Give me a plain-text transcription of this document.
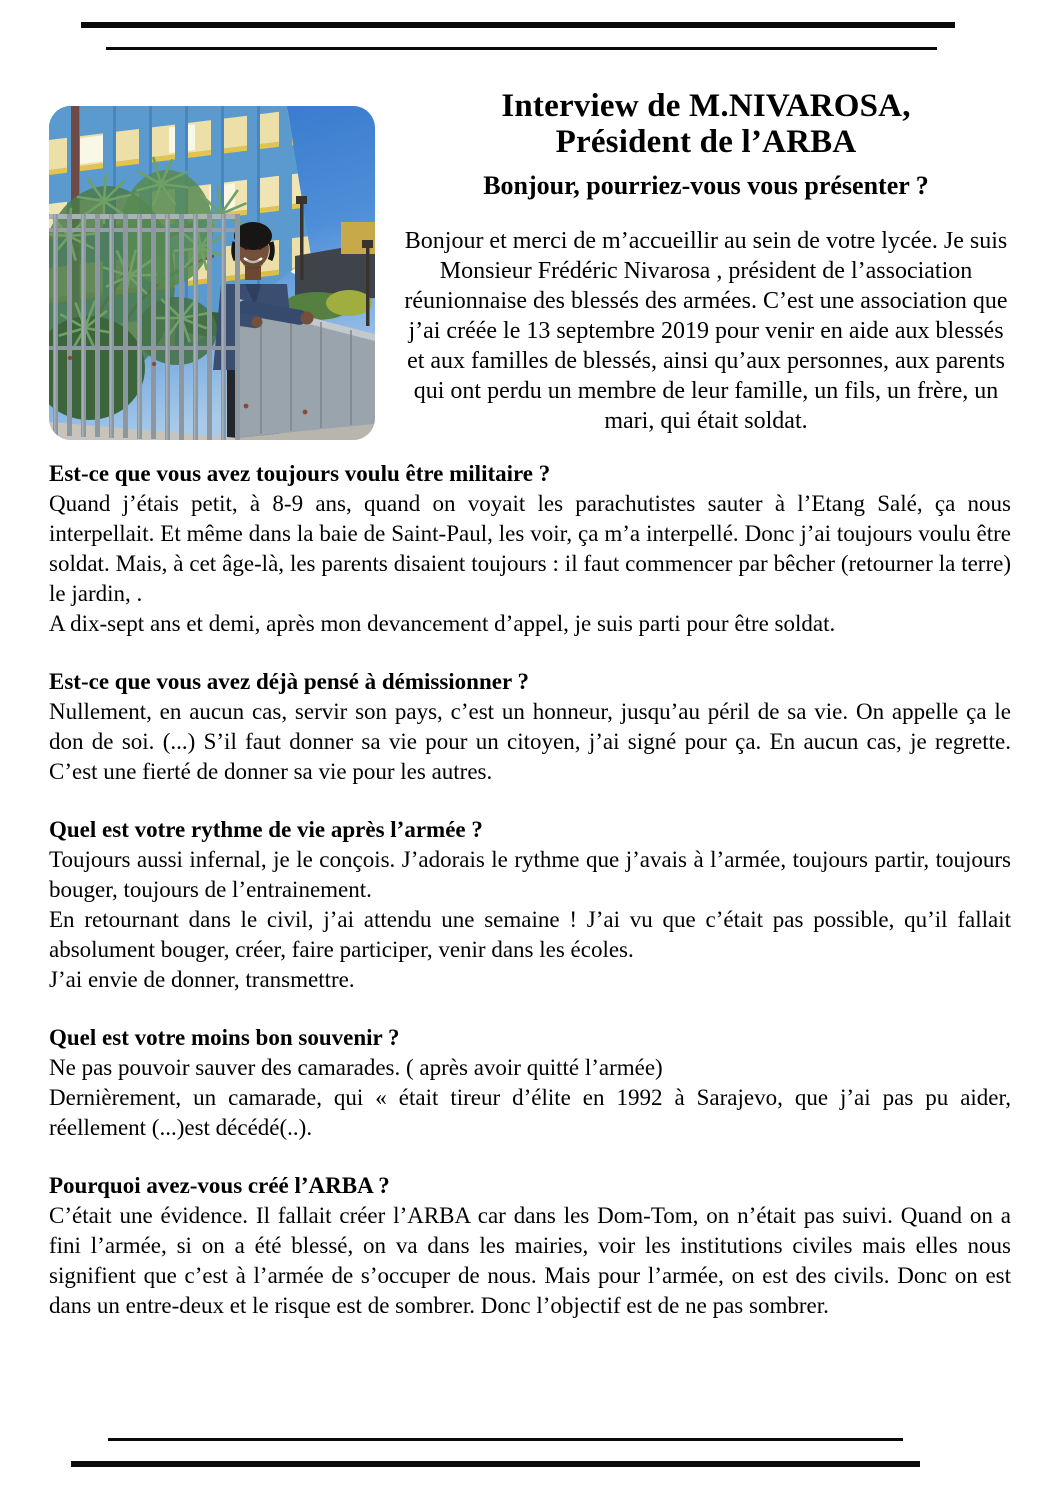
Interview de M.NIVAROSA,
Président de l’ARBA
Bonjour, pourriez-vous vous présenter ?

Bonjour et merci de m’accueillir au sein de votre lycée. Je suis Monsieur Frédéric Nivarosa , président de l’association réunionnaise des blessés des armées. C’est une association que j’ai créée le 13 septembre 2019 pour venir en aide aux blessés et aux familles de blessés, ainsi qu’aux personnes, aux parents qui ont perdu un membre de leur famille, un fils, un frère, un mari, qui était soldat.

Est-ce que vous avez toujours voulu être militaire ?

Quand j’étais petit, à 8-9 ans, quand on voyait les parachutistes sauter à l’Etang Salé, ça nous interpellait. Et même dans la baie de Saint-Paul, les voir, ça m’a interpellé. Donc j’ai toujours voulu être soldat. Mais, à cet âge-là, les parents disaient toujours : il faut commencer par bêcher (retourner la terre) le jardin, .

A dix-sept ans et demi, après mon devancement d’appel, je suis parti pour être soldat.

Est-ce que vous avez déjà pensé à démissionner ?

Nullement, en aucun cas, servir son pays, c’est un honneur, jusqu’au péril de sa vie. On appelle ça le don de soi. (...) S’il faut donner sa vie pour un citoyen, j’ai signé pour ça. En aucun cas, je regrette. C’est une fierté de donner sa vie pour les autres.

Quel est votre rythme de vie après l’armée ?

Toujours aussi infernal, je le conçois. J’adorais le rythme que j’avais à l’armée, toujours partir, toujours bouger, toujours de l’entrainement.

En retournant dans le civil, j’ai attendu une semaine ! J’ai vu que c’était pas possible, qu’il fallait absolument bouger, créer, faire participer, venir dans les écoles.

J’ai envie de donner, transmettre.

Quel est votre moins bon souvenir ?

Ne pas pouvoir sauver des camarades. ( après avoir quitté l’armée)

Dernièrement, un camarade, qui « était tireur d’élite en 1992 à Sarajevo, que j’ai pas pu aider, réellement (...)est décédé(..).

Pourquoi avez-vous créé l’ARBA ?

C’était une évidence. Il fallait créer l’ARBA car dans les Dom-Tom, on n’était pas suivi. Quand on a fini l’armée, si on a été blessé, on va dans les mairies, voir les institutions civiles mais elles nous signifient que c’est à l’armée de s’occuper de nous. Mais pour l’armée, on est des civils. Donc on est dans un entre-deux et le risque est de sombrer. Donc l’objectif est de ne pas sombrer.
